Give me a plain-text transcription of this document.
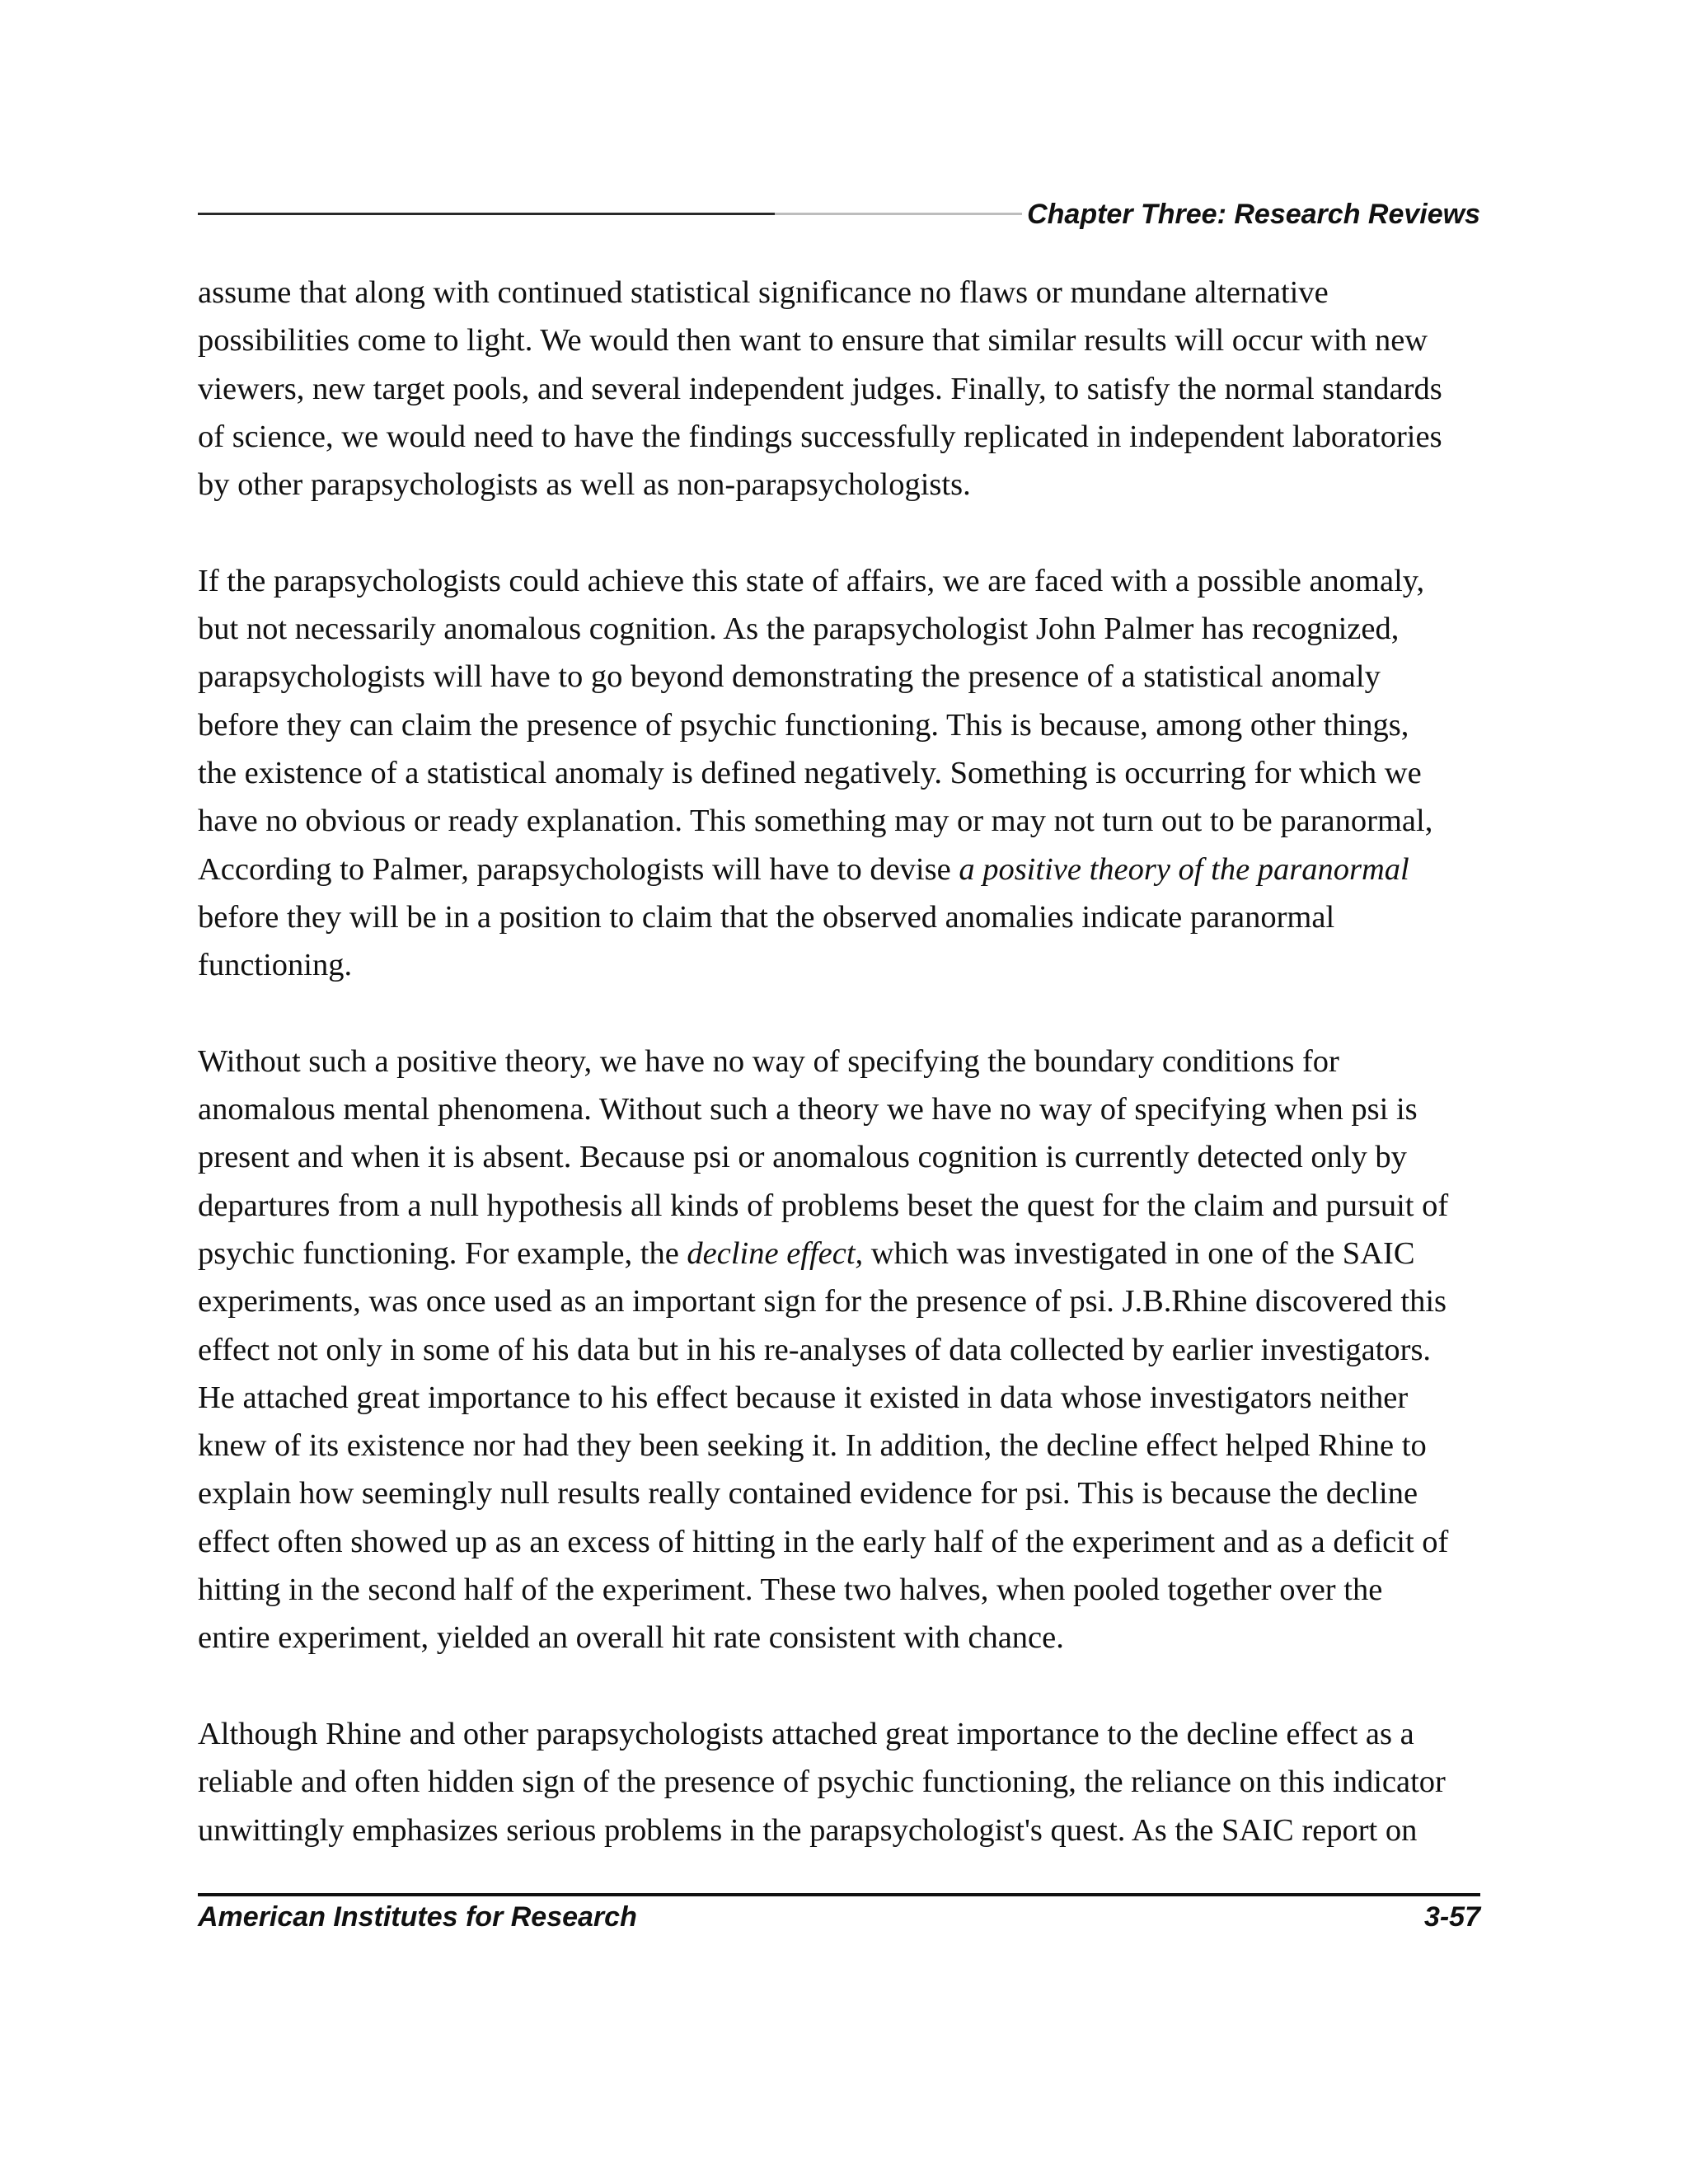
Chapter Three: Research Reviews

assume that along with continued statistical significance no flaws or mundane alternative
possibilities come to light. We would then want to ensure that similar results will occur with new
viewers, new target pools, and several independent judges. Finally, to satisfy the normal standards
of science, we would need to have the findings successfully replicated in independent laboratories
by other parapsychologists as well as non-parapsychologists.

If the parapsychologists could achieve this state of affairs, we are faced with a possible anomaly,
but not necessarily anomalous cognition. As the parapsychologist John Palmer has recognized,
parapsychologists will have to go beyond demonstrating the presence of a statistical anomaly
before they can claim the presence of psychic functioning. This is because, among other things,
the existence of a statistical anomaly is defined negatively. Something is occurring for which we
have no obvious or ready explanation. This something may or may not turn out to be paranormal,
According to Palmer, parapsychologists will have to devise a positive theory of the paranormal
before they will be in a position to claim that the observed anomalies indicate paranormal
functioning.

Without such a positive theory, we have no way of specifying the boundary conditions for
anomalous mental phenomena. Without such a theory we have no way of specifying when psi is
present and when it is absent. Because psi or anomalous cognition is currently detected only by
departures from a null hypothesis all kinds of problems beset the quest for the claim and pursuit of
psychic functioning. For example, the decline effect, which was investigated in one of the SAIC
experiments, was once used as an important sign for the presence of psi. J.B.Rhine discovered this
effect not only in some of his data but in his re-analyses of data collected by earlier investigators.
He attached great importance to his effect because it existed in data whose investigators neither
knew of its existence nor had they been seeking it. In addition, the decline effect helped Rhine to
explain how seemingly null results really contained evidence for psi. This is because the decline
effect often showed up as an excess of hitting in the early half of the experiment and as a deficit of
hitting in the second half of the experiment. These two halves, when pooled together over the
entire experiment, yielded an overall hit rate consistent with chance.

Although Rhine and other parapsychologists attached great importance to the decline effect as a
reliable and often hidden sign of the presence of psychic functioning, the reliance on this indicator
unwittingly emphasizes serious problems in the parapsychologist's quest. As the SAIC report on

American Institutes for Research	3-57
